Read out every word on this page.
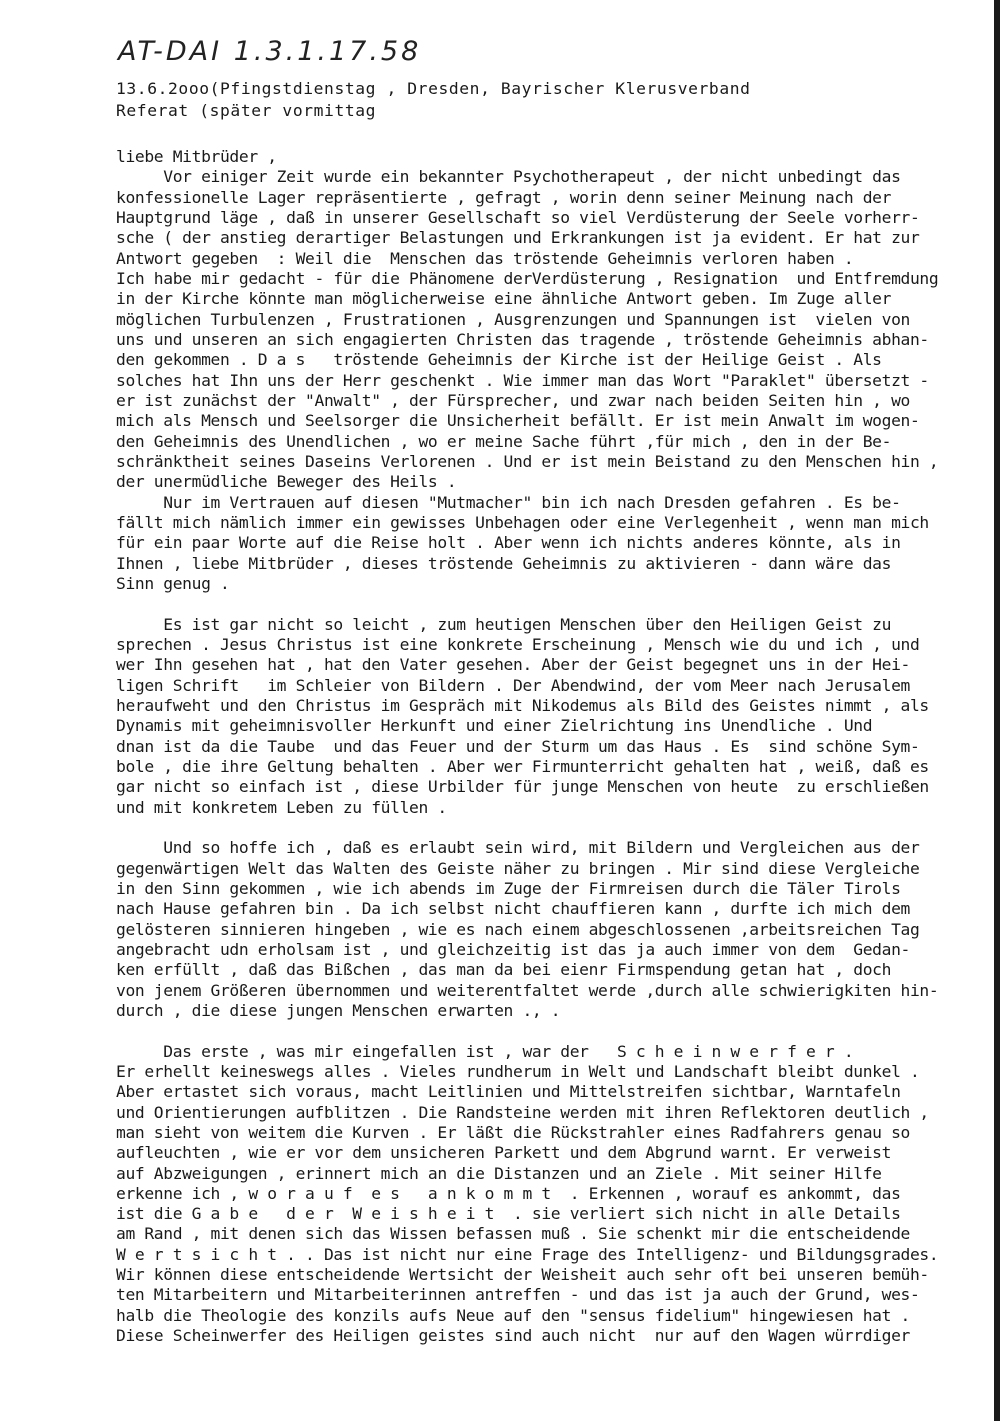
AT-DAI 1.3.1.17.58
13.6.2ooo(Pfingstdienstag , Dresden, Bayrischer Klerusverband
Referat (später vormittag
liebe Mitbrüder ,
Vor einiger Zeit wurde ein bekannter Psychotherapeut , der nicht unbedingt das
konfessionelle Lager repräsentierte , gefragt , worin denn seiner Meinung nach der
Hauptgrund läge , daß in unserer Gesellschaft so viel Verdüsterung der Seele vorherr-
sche ( der anstieg derartiger Belastungen und Erkrankungen ist ja evident. Er hat zur
Antwort gegeben  : Weil die  Menschen das tröstende Geheimnis verloren haben .
Ich habe mir gedacht - für die Phänomene derVerdüsterung , Resignation  und Entfremdung
in der Kirche könnte man möglicherweise eine ähnliche Antwort geben. Im Zuge aller
möglichen Turbulenzen , Frustrationen , Ausgrenzungen und Spannungen ist  vielen von
uns und unseren an sich engagierten Christen das tragende , tröstende Geheimnis abhan-
den gekommen . D a s   tröstende Geheimnis der Kirche ist der Heilige Geist . Als
solches hat Ihn uns der Herr geschenkt . Wie immer man das Wort "Paraklet" übersetzt -
er ist zunächst der "Anwalt" , der Fürsprecher, und zwar nach beiden Seiten hin , wo
mich als Mensch und Seelsorger die Unsicherheit befällt. Er ist mein Anwalt im wogen-
den Geheimnis des Unendlichen , wo er meine Sache führt ,für mich , den in der Be-
schränktheit seines Daseins Verlorenen . Und er ist mein Beistand zu den Menschen hin ,
der unermüdliche Beweger des Heils .
Nur im Vertrauen auf diesen "Mutmacher" bin ich nach Dresden gefahren . Es be-
fällt mich nämlich immer ein gewisses Unbehagen oder eine Verlegenheit , wenn man mich
für ein paar Worte auf die Reise holt . Aber wenn ich nichts anderes könnte, als in
Ihnen , liebe Mitbrüder , dieses tröstende Geheimnis zu aktivieren - dann wäre das
Sinn genug .
Es ist gar nicht so leicht , zum heutigen Menschen über den Heiligen Geist zu
sprechen . Jesus Christus ist eine konkrete Erscheinung , Mensch wie du und ich , und
wer Ihn gesehen hat , hat den Vater gesehen. Aber der Geist begegnet uns in der Hei-
ligen Schrift   im Schleier von Bildern . Der Abendwind, der vom Meer nach Jerusalem
heraufweht und den Christus im Gespräch mit Nikodemus als Bild des Geistes nimmt , als
Dynamis mit geheimnisvoller Herkunft und einer Zielrichtung ins Unendliche . Und
dnan ist da die Taube  und das Feuer und der Sturm um das Haus . Es  sind schöne Sym-
bole , die ihre Geltung behalten . Aber wer Firmunterricht gehalten hat , weiß, daß es
gar nicht so einfach ist , diese Urbilder für junge Menschen von heute  zu erschließen
und mit konkretem Leben zu füllen .
Und so hoffe ich , daß es erlaubt sein wird, mit Bildern und Vergleichen aus der
gegenwärtigen Welt das Walten des Geiste näher zu bringen . Mir sind diese Vergleiche
in den Sinn gekommen , wie ich abends im Zuge der Firmreisen durch die Täler Tirols
nach Hause gefahren bin . Da ich selbst nicht chauffieren kann , durfte ich mich dem
gelösteren sinnieren hingeben , wie es nach einem abgeschlossenen ,arbeitsreichen Tag
angebracht udn erholsam ist , und gleichzeitig ist das ja auch immer von dem  Gedan-
ken erfüllt , daß das Bißchen , das man da bei eienr Firmspendung getan hat , doch
von jenem Größeren übernommen und weiterentfaltet werde ,durch alle schwierigkiten hin-
durch , die diese jungen Menschen erwarten ., .
Das erste , was mir eingefallen ist , war der   S c h e i n w e r f e r .
Er erhellt keineswegs alles . Vieles rundherum in Welt und Landschaft bleibt dunkel .
Aber ertastet sich voraus, macht Leitlinien und Mittelstreifen sichtbar, Warntafeln
und Orientierungen aufblitzen . Die Randsteine werden mit ihren Reflektoren deutlich ,
man sieht von weitem die Kurven . Er läßt die Rückstrahler eines Radfahrers genau so
aufleuchten , wie er vor dem unsicheren Parkett und dem Abgrund warnt. Er verweist
auf Abzweigungen , erinnert mich an die Distanzen und an Ziele . Mit seiner Hilfe
erkenne ich , w o r a u f  e s   a n k o m m t  . Erkennen , worauf es ankommt, das
ist die G a b e   d e r  W e i s h e i t  . sie verliert sich nicht in alle Details
am Rand , mit denen sich das Wissen befassen muß . Sie schenkt mir die entscheidende
W e r t s i c h t . . Das ist nicht nur eine Frage des Intelligenz- und Bildungsgrades.
Wir können diese entscheidende Wertsicht der Weisheit auch sehr oft bei unseren bemüh-
ten Mitarbeitern und Mitarbeiterinnen antreffen - und das ist ja auch der Grund, wes-
halb die Theologie des konzils aufs Neue auf den "sensus fidelium" hingewiesen hat .
Diese Scheinwerfer des Heiligen geistes sind auch nicht  nur auf den Wagen würrdiger
